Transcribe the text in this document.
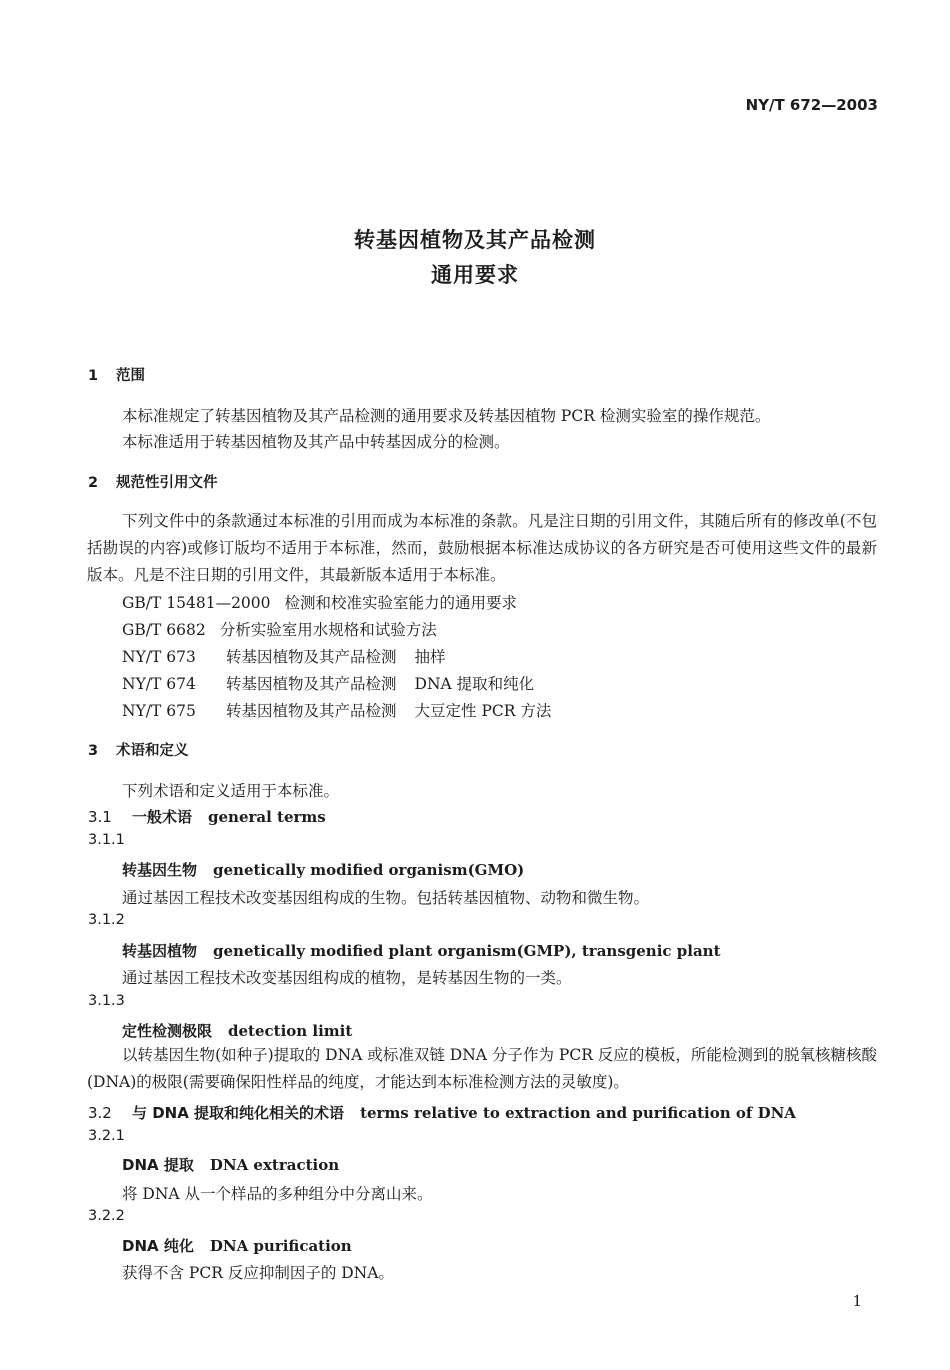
NY/T 672—2003
转基因植物及其产品检测
通用要求
1 范围
本标准规定了转基因植物及其产品检测的通用要求及转基因植物 PCR 检测实验室的操作规范。
本标准适用于转基因植物及其产品中转基因成分的检测。
2 规范性引用文件
下列文件中的条款通过本标准的引用而成为本标准的条款。凡是注日期的引用文件，其随后所有的修改单(不包括勘误的内容)或修订版均不适用于本标准，然而，鼓励根据本标准达成协议的各方研究是否可使用这些文件的最新版本。凡是不注日期的引用文件，其最新版本适用于本标准。
GB/T 15481—2000 检测和校准实验室能力的通用要求
GB/T 6682 分析实验室用水规格和试验方法
NY/T 673 转基因植物及其产品检测 抽样
NY/T 674 转基因植物及其产品检测 DNA 提取和纯化
NY/T 675 转基因植物及其产品检测 大豆定性 PCR 方法
3 术语和定义
下列术语和定义适用于本标准。
3.1 一般术语 general terms
3.1.1
转基因生物 genetically modified organism(GMO)
通过基因工程技术改变基因组构成的生物。包括转基因植物、动物和微生物。
3.1.2
转基因植物 genetically modified plant organism(GMP), transgenic plant
通过基因工程技术改变基因组构成的植物，是转基因生物的一类。
3.1.3
定性检测极限 detection limit
以转基因生物(如种子)提取的 DNA 或标准双链 DNA 分子作为 PCR 反应的模板，所能检测到的脱氧核糖核酸(DNA)的极限(需要确保阳性样品的纯度，才能达到本标准检测方法的灵敏度)。
3.2 与 DNA 提取和纯化相关的术语 terms relative to extraction and purification of DNA
3.2.1
DNA 提取 DNA extraction
将 DNA 从一个样品的多种组分中分离山来。
3.2.2
DNA 纯化 DNA purification
获得不含 PCR 反应抑制因子的 DNA。
1
